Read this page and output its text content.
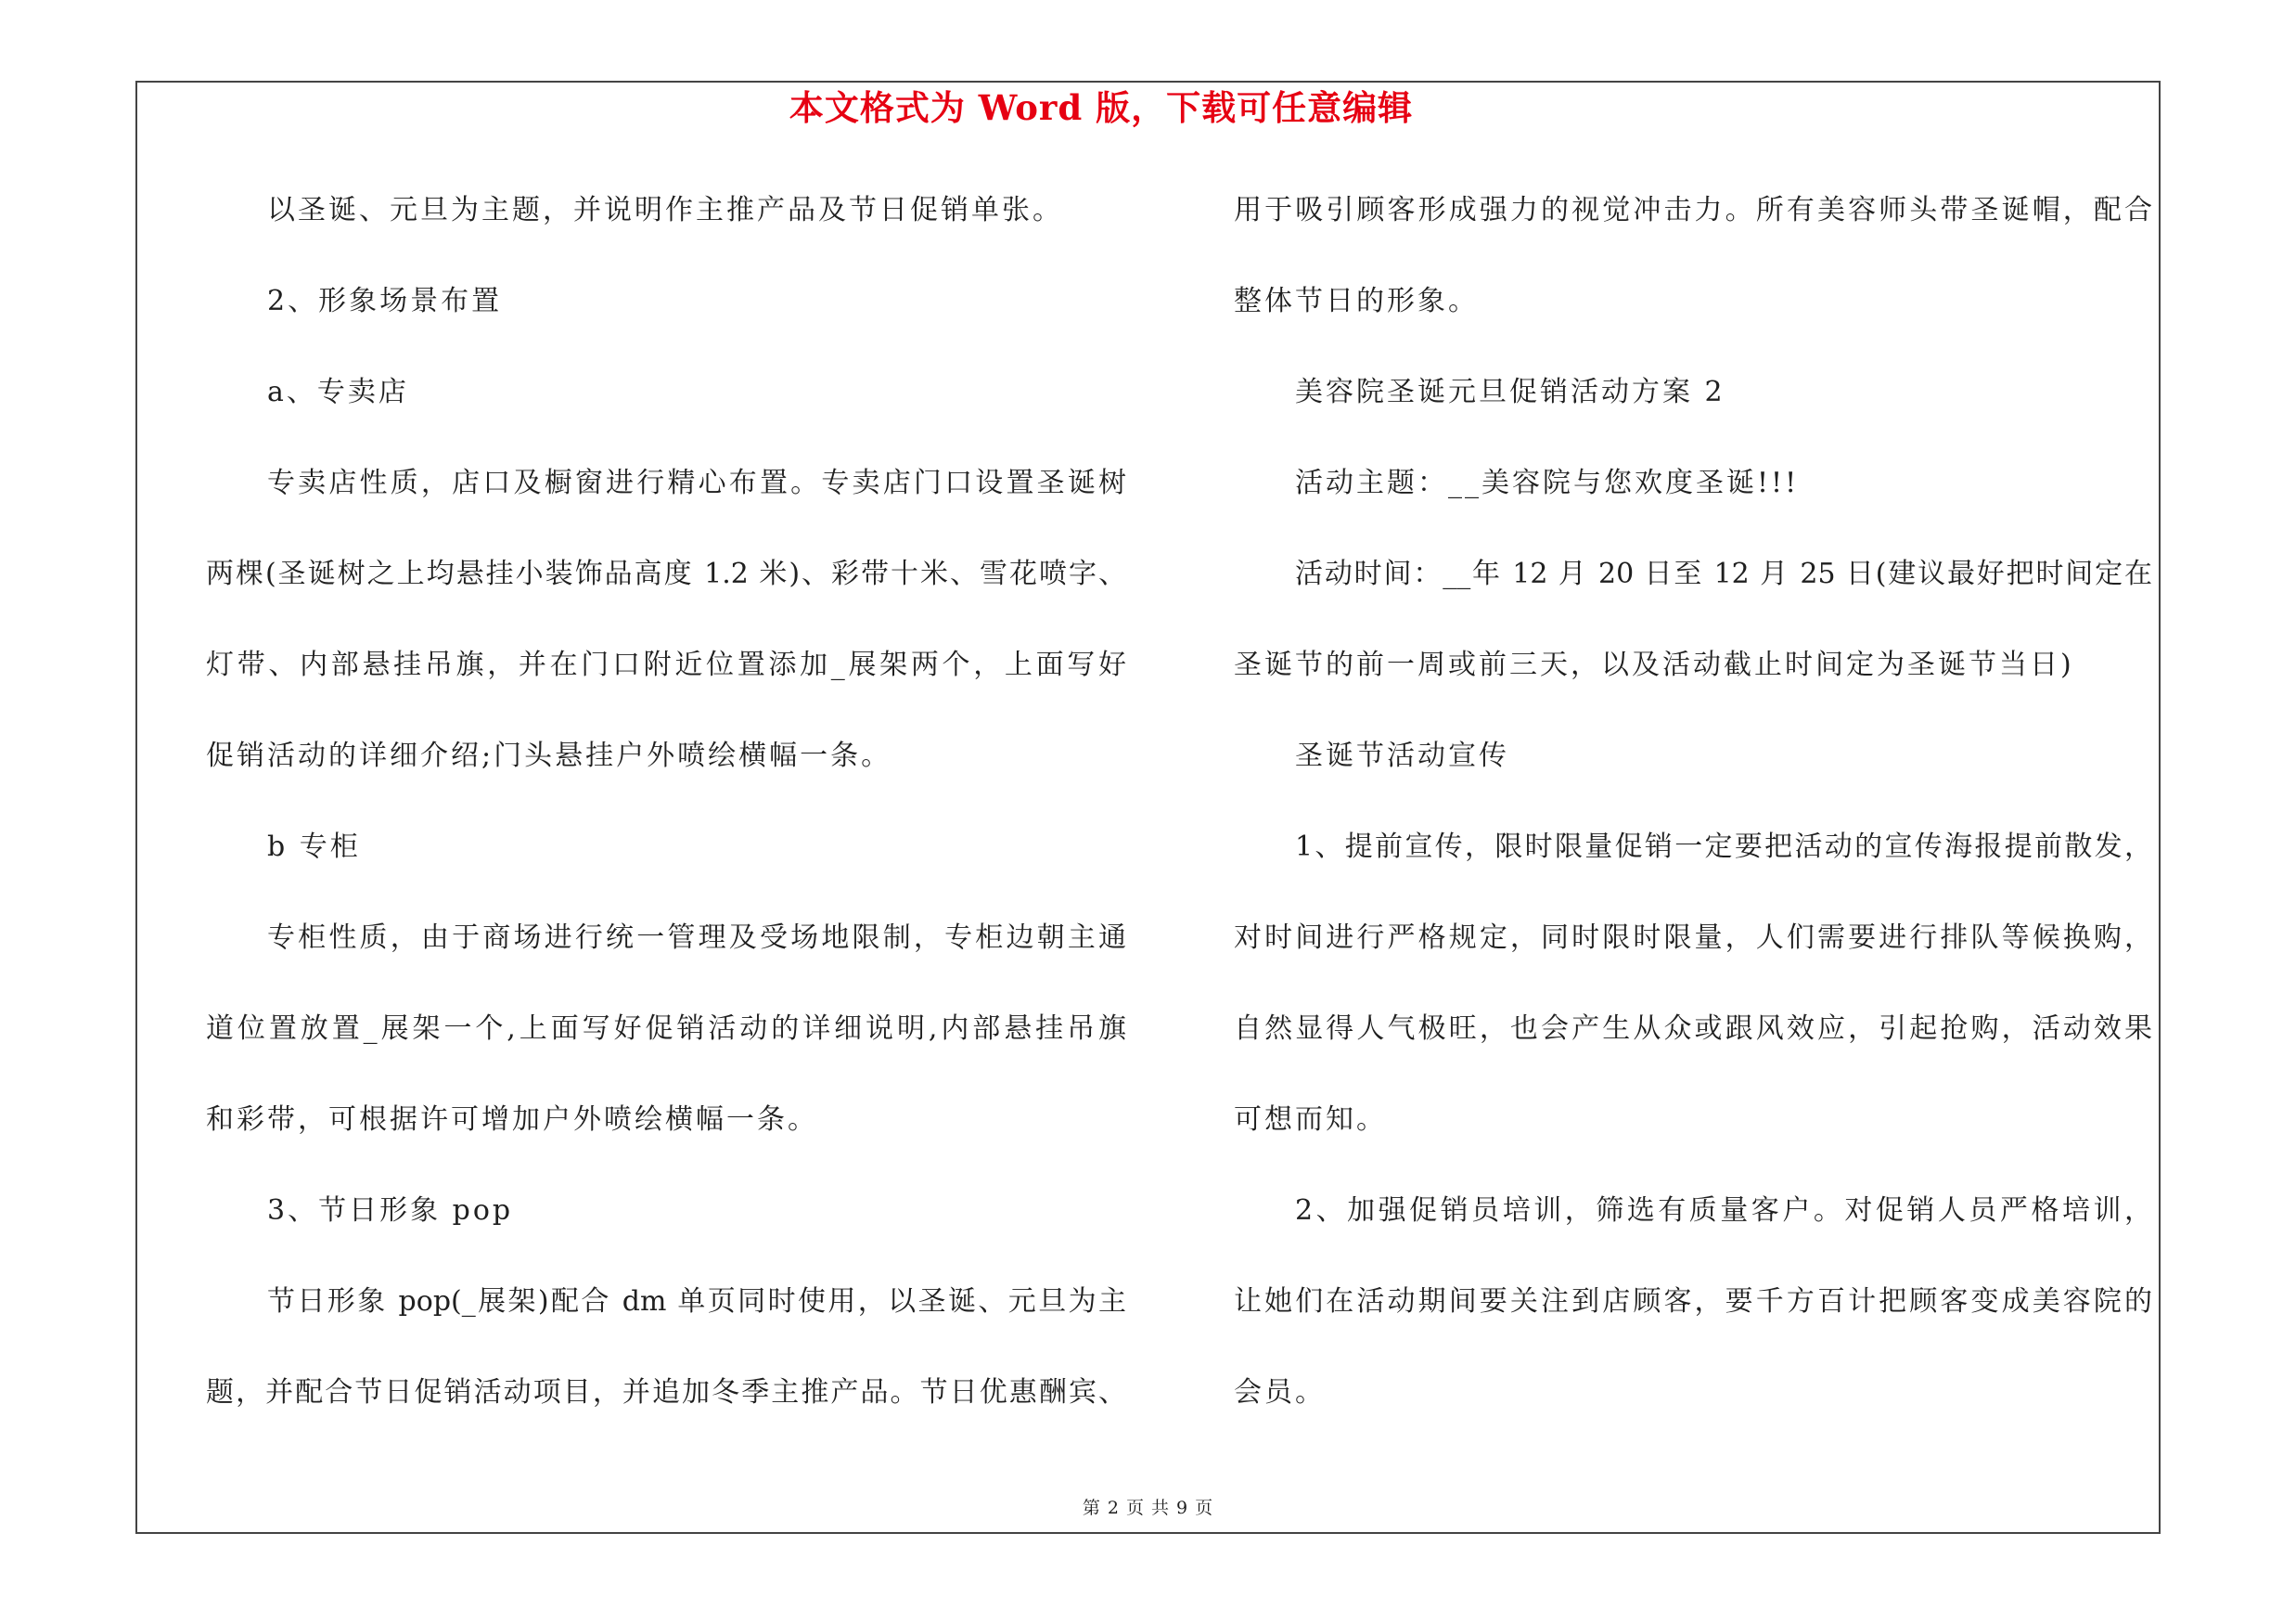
本文格式为 Word 版，下载可任意编辑
以圣诞、元旦为主题，并说明作主推产品及节日促销单张。
2、形象场景布置
a、专卖店
专卖店性质，店口及橱窗进行精心布置。专卖店门口设置圣诞树
两棵(圣诞树之上均悬挂小装饰品高度 1.2 米)、彩带十米、雪花喷字、
灯带、内部悬挂吊旗，并在门口附近位置添加_展架两个，上面写好
促销活动的详细介绍;门头悬挂户外喷绘横幅一条。
b 专柜
专柜性质，由于商场进行统一管理及受场地限制，专柜边朝主通
道位置放置_展架一个,上面写好促销活动的详细说明,内部悬挂吊旗
和彩带，可根据许可增加户外喷绘横幅一条。
3、节日形象 pop
节日形象 pop(_展架)配合 dm 单页同时使用，以圣诞、元旦为主
题，并配合节日促销活动项目，并追加冬季主推产品。节日优惠酬宾、
用于吸引顾客形成强力的视觉冲击力。所有美容师头带圣诞帽，配合
整体节日的形象。
美容院圣诞元旦促销活动方案 2
活动主题：__美容院与您欢度圣诞!!!
活动时间：__年 12 月 20 日至 12 月 25 日(建议最好把时间定在
圣诞节的前一周或前三天，以及活动截止时间定为圣诞节当日)
圣诞节活动宣传
1、提前宣传，限时限量促销一定要把活动的宣传海报提前散发，
对时间进行严格规定，同时限时限量，人们需要进行排队等候换购，
自然显得人气极旺，也会产生从众或跟风效应，引起抢购，活动效果
可想而知。
2、加强促销员培训，筛选有质量客户。对促销人员严格培训，
让她们在活动期间要关注到店顾客，要千方百计把顾客变成美容院的
会员。
第 2 页 共 9 页
